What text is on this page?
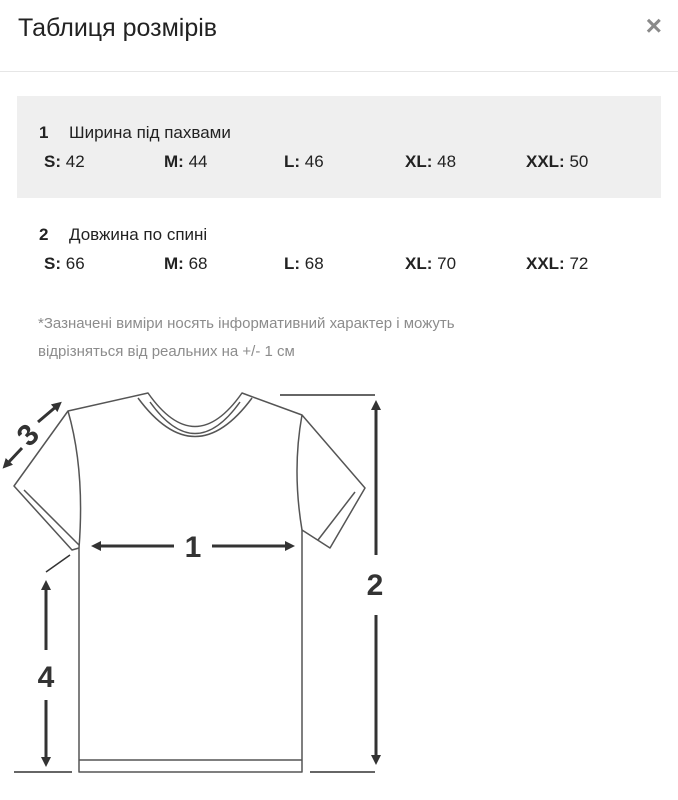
Таблиця розмірів	×
1 Ширина під пахвами
S: 42	M: 44	L: 46	XL: 48	XXL: 50
2 Довжина по спині
S: 66	M: 68	L: 68	XL: 70	XXL: 72
*Зазначені виміри носять інформативний характер і можуть
відрізняться від реальних на +/- 1 см
1
2
3
4
